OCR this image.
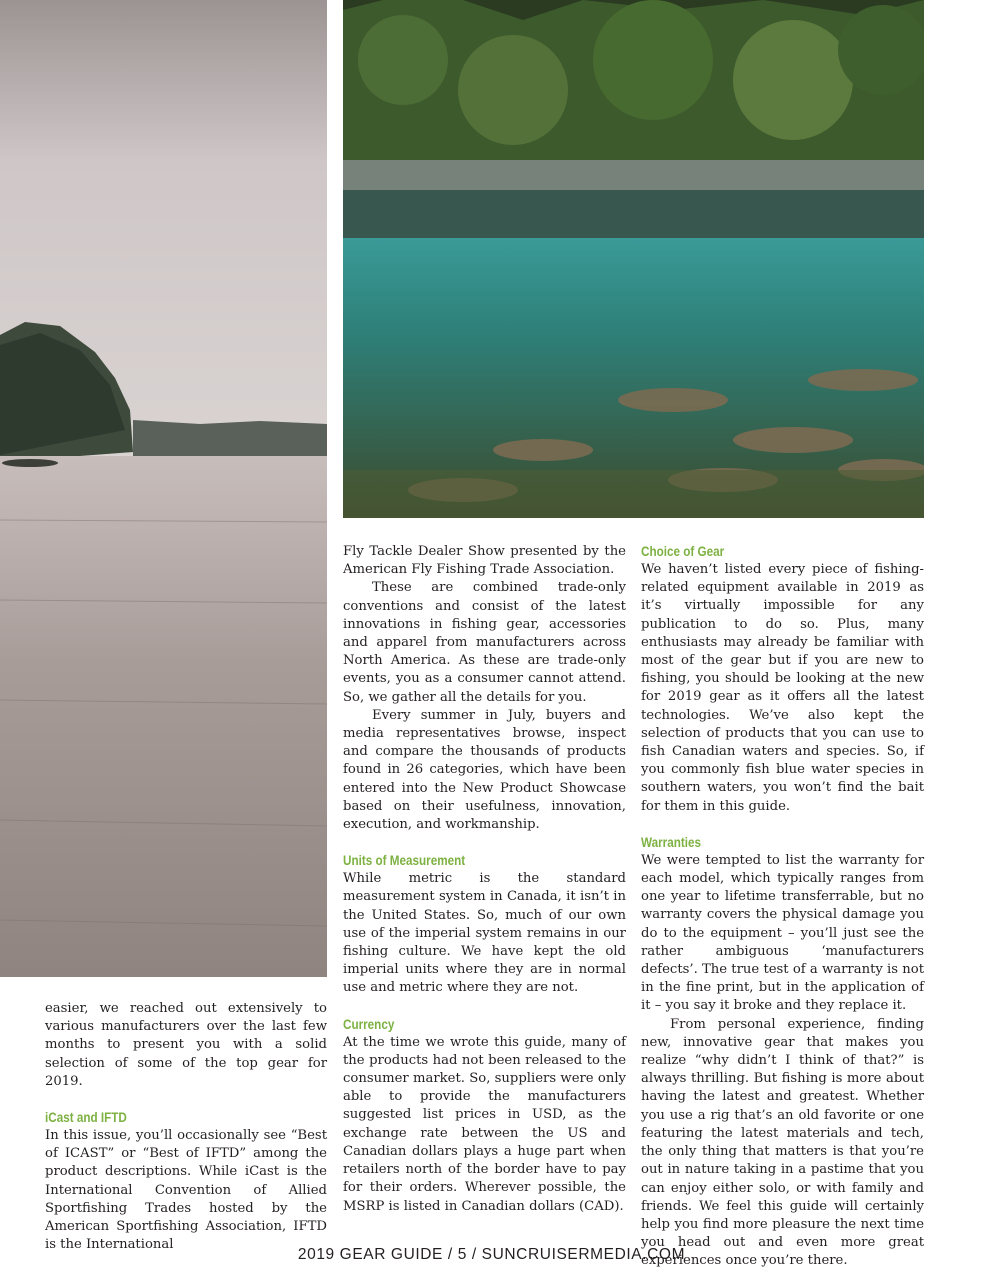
easier, we reached out extensively to various manufacturers over the last few months to present you with a solid selection of some of the top gear for 2019.

iCast and IFTD

In this issue, you’ll occasionally see “Best of ICAST” or “Best of IFTD” among the product descriptions. While iCast is the International Convention of Allied Sportfishing Trades hosted by the American Sportfishing Association, IFTD is the International

Fly Tackle Dealer Show presented by the American Fly Fishing Trade Association.

These are combined trade-only conventions and consist of the latest innovations in fishing gear, accessories and apparel from manufacturers across North America. As these are trade-only events, you as a consumer cannot attend. So, we gather all the details for you.

Every summer in July, buyers and media representatives browse, inspect and compare the thousands of products found in 26 categories, which have been entered into the New Product Showcase based on their usefulness, innovation, execution, and workmanship.

Units of Measurement

While metric is the standard measurement system in Canada, it isn’t in the United States. So, much of our own use of the imperial system remains in our fishing culture. We have kept the old imperial units where they are in normal use and metric where they are not.

Currency

At the time we wrote this guide, many of the products had not been released to the consumer market. So, suppliers were only able to provide the manufacturers suggested list prices in USD, as the exchange rate between the US and Canadian dollars plays a huge part when retailers north of the border have to pay for their orders. Wherever possible, the MSRP is listed in Canadian dollars (CAD).

Choice of Gear

We haven’t listed every piece of fishing-related equipment available in 2019 as it’s virtually impossible for any publication to do so. Plus, many enthusiasts may already be familiar with most of the gear but if you are new to fishing, you should be looking at the new for 2019 gear as it offers all the latest technologies. We’ve also kept the selection of products that you can use to fish Canadian waters and species. So, if you commonly fish blue water species in southern waters, you won’t find the bait for them in this guide.

Warranties

We were tempted to list the warranty for each model, which typically ranges from one year to lifetime transferrable, but no warranty covers the physical damage you do to the equipment – you’ll just see the rather ambiguous ‘manufacturers defects’. The true test of a warranty is not in the fine print, but in the application of it – you say it broke and they replace it.

From personal experience, finding new, innovative gear that makes you realize “why didn’t I think of that?” is always thrilling. But fishing is more about having the latest and greatest. Whether you use a rig that’s an old favorite or one featuring the latest materials and tech, the only thing that matters is that you’re out in nature taking in a pastime that you can enjoy either solo, or with family and friends. We feel this guide will certainly help you find more pleasure the next time you head out and even more great experiences once you’re there.

2019 GEAR GUIDE / 5 / SUNCRUISERMEDIA.COM
